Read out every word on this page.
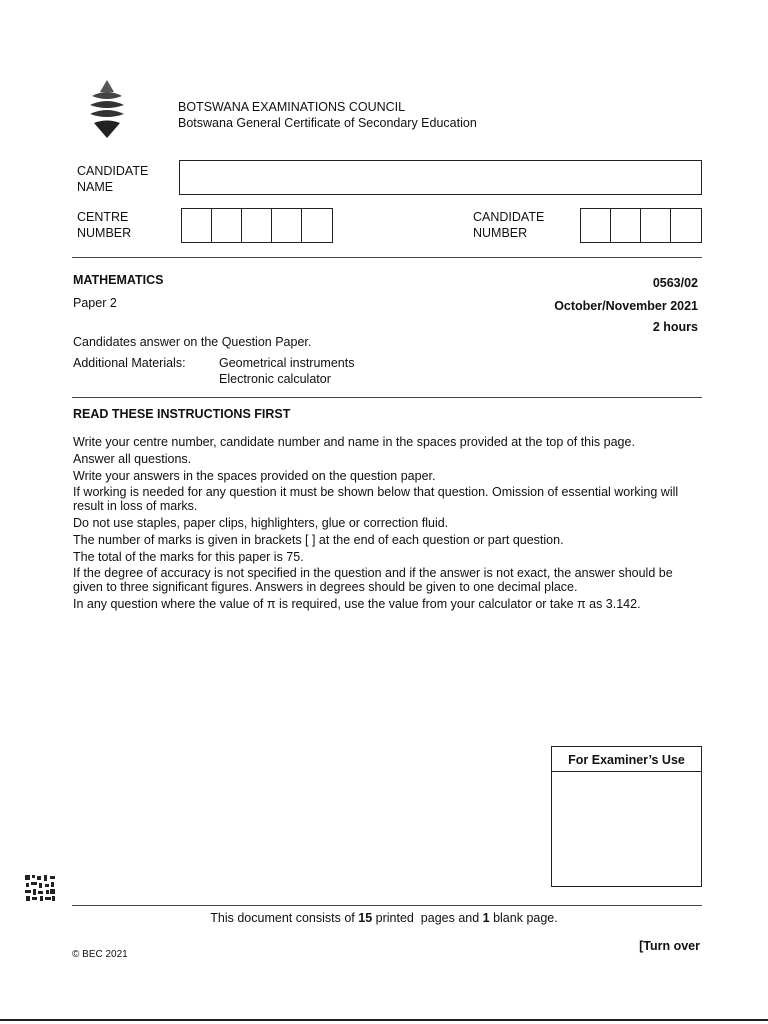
BOTSWANA EXAMINATIONS COUNCIL
Botswana General Certificate of Secondary Education
CANDIDATE
NAME
CENTRE
NUMBER
CANDIDATE
NUMBER
MATHEMATICS
Paper 2
0563/02
October/November 2021
2 hours
Candidates answer on the Question Paper.
Additional Materials:	Geometrical instruments
Electronic calculator
READ THESE INSTRUCTIONS FIRST

Write your centre number, candidate number and name in the spaces provided at the top of this page.

Answer all questions.

Write your answers in the spaces provided on the question paper.

If working is needed for any question it must be shown below that question. Omission of essential working will result in loss of marks.

Do not use staples, paper clips, highlighters, glue or correction fluid.

The number of marks is given in brackets [ ] at the end of each question or part question.

The total of the marks for this paper is 75.

If the degree of accuracy is not specified in the question and if the answer is not exact, the answer should be given to three significant figures. Answers in degrees should be given to one decimal place.

In any question where the value of π is required, use the value from your calculator or take π as 3.142.

For Examiner’s Use
This document consists of 15 printed  pages and 1 blank page.
[Turn over
© BEC 2021
